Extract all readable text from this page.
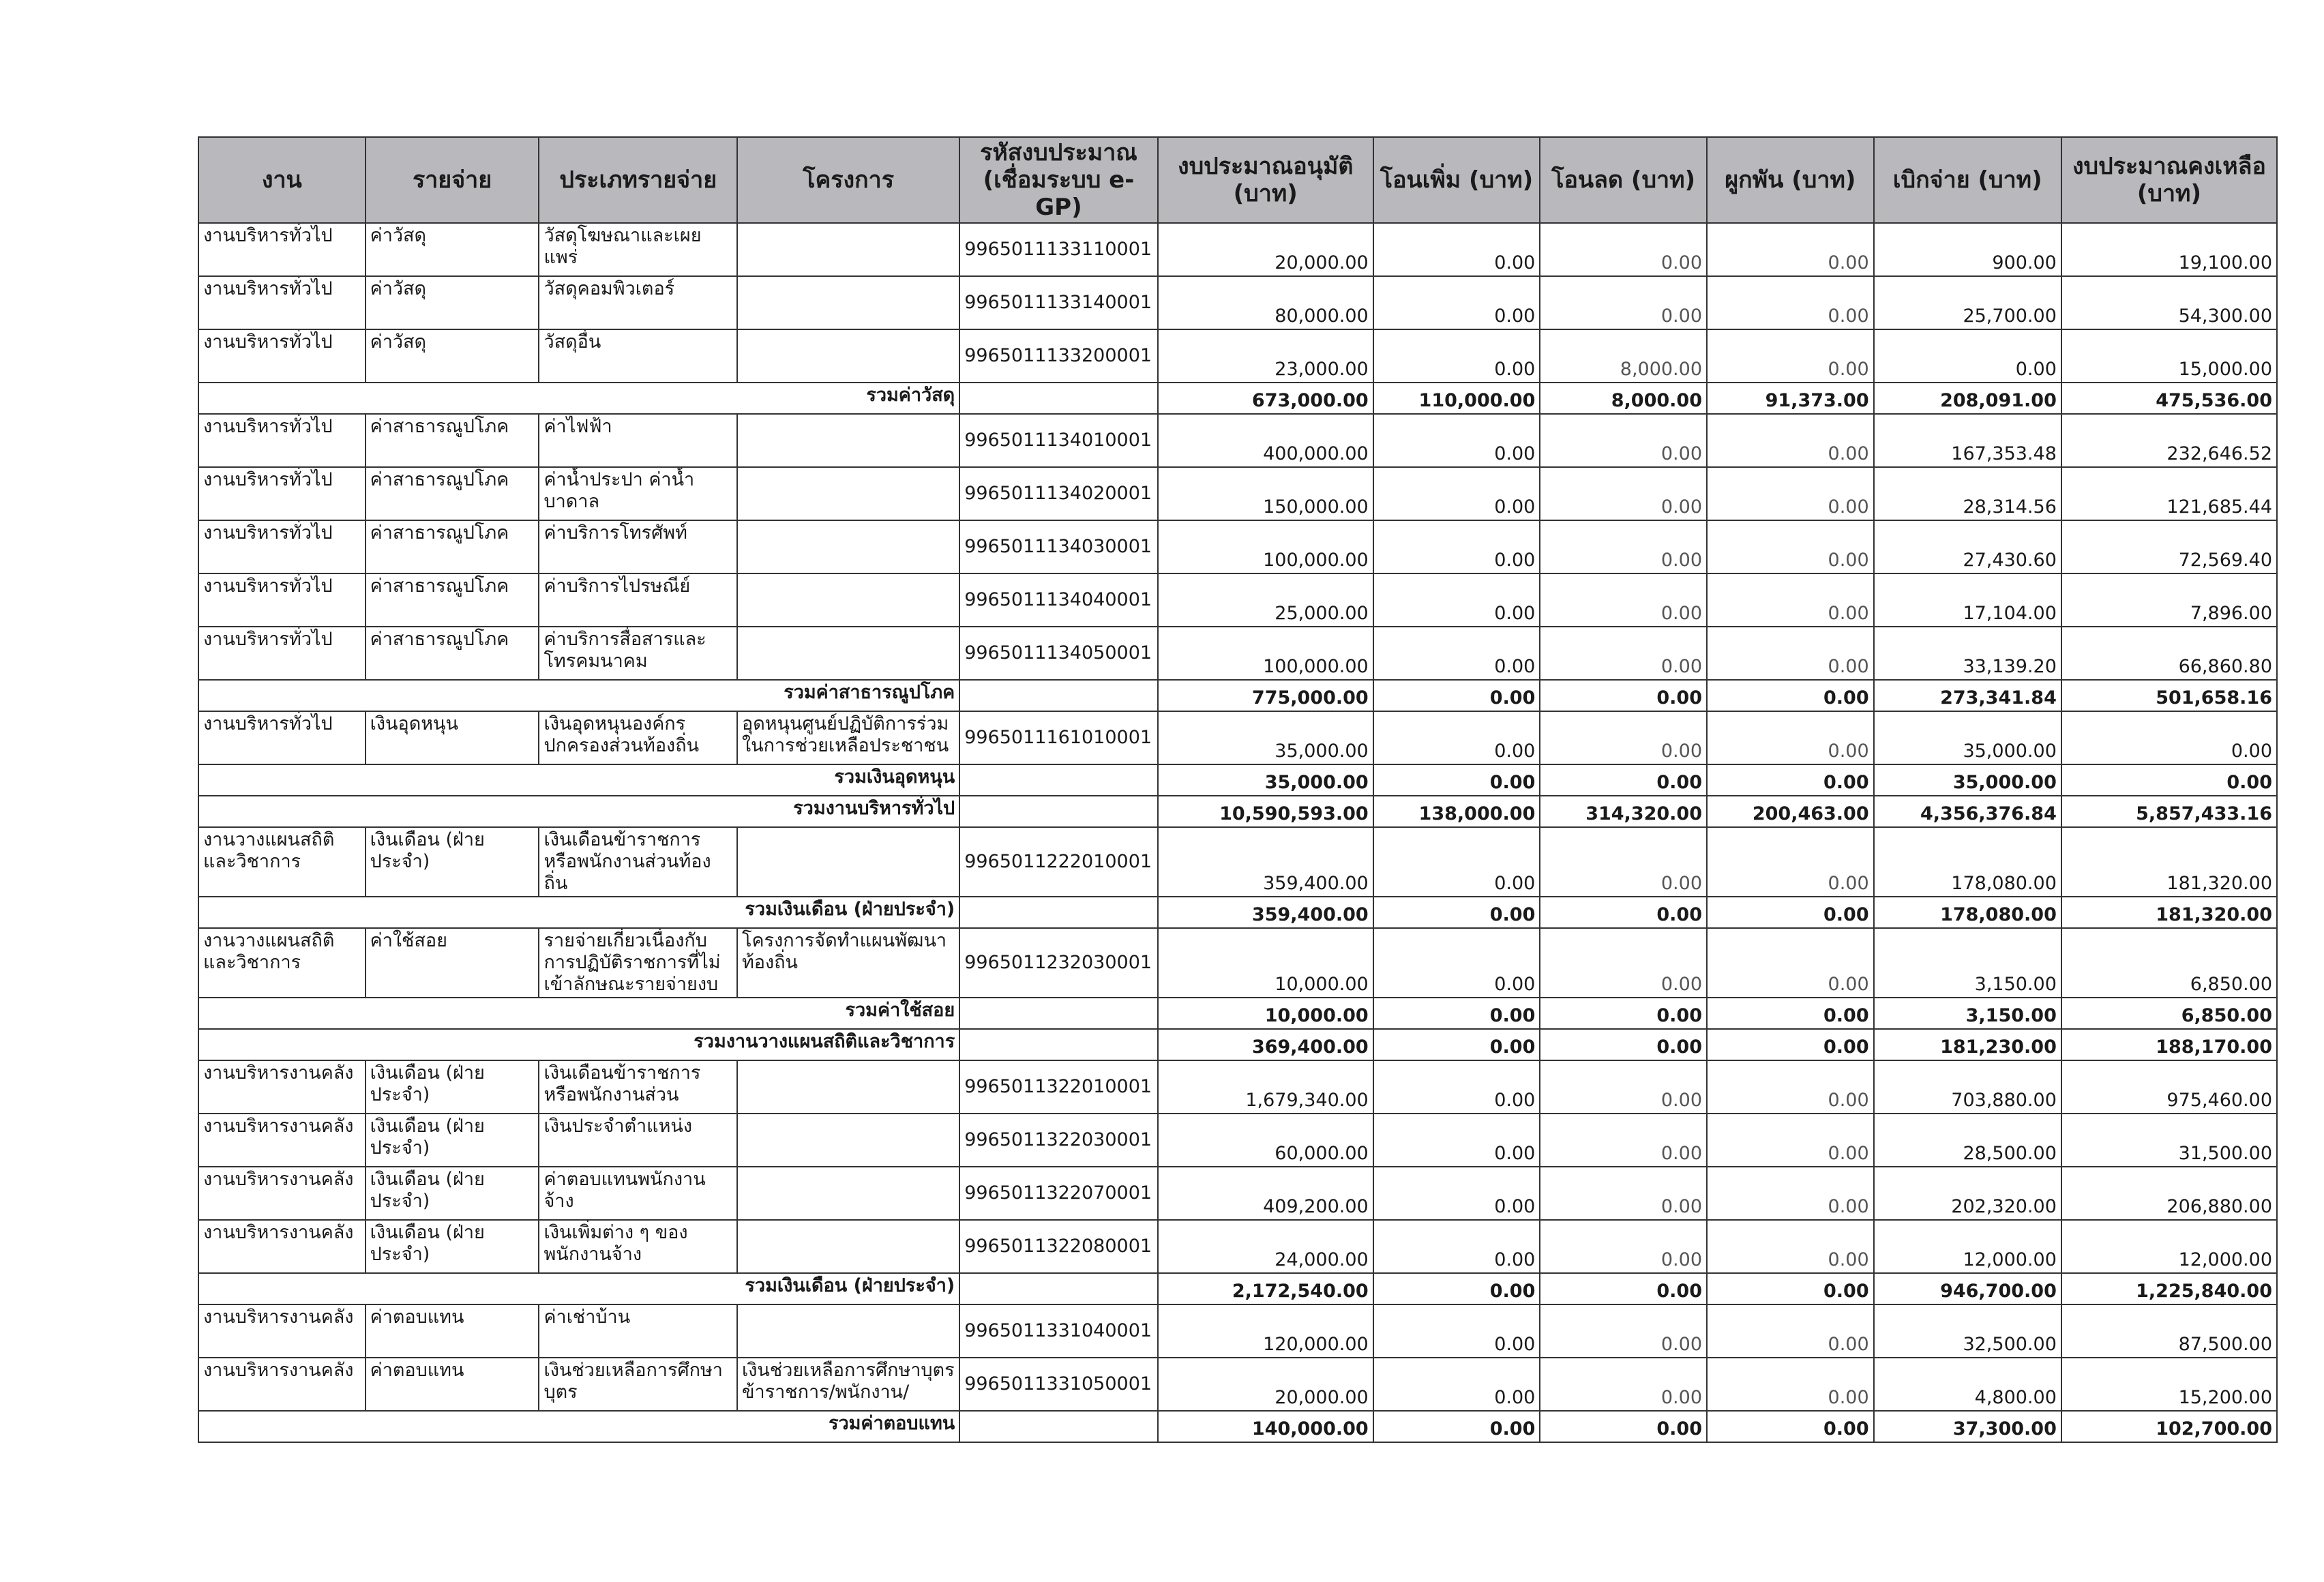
งาน	รายจ่าย	ประเภทรายจ่าย	โครงการ	รหัสงบประมาณ (เชื่อมระบบ e-GP)	งบประมาณอนุมัติ (บาท)	โอนเพิ่ม (บาท)	โอนลด (บาท)	ผูกพัน (บาท)	เบิกจ่าย (บาท)	งบประมาณคงเหลือ (บาท)
งานบริหารทั่วไป	ค่าวัสดุ	วัสดุโฆษณาและเผยแพร่		9965011133110001	20,000.00	0.00	0.00	0.00	900.00	19,100.00
งานบริหารทั่วไป	ค่าวัสดุ	วัสดุคอมพิวเตอร์		9965011133140001	80,000.00	0.00	0.00	0.00	25,700.00	54,300.00
งานบริหารทั่วไป	ค่าวัสดุ	วัสดุอื่น		9965011133200001	23,000.00	0.00	8,000.00	0.00	0.00	15,000.00
รวมค่าวัสดุ					673,000.00	110,000.00	8,000.00	91,373.00	208,091.00	475,536.00
งานบริหารทั่วไป	ค่าสาธารณูปโภค	ค่าไฟฟ้า		9965011134010001	400,000.00	0.00	0.00	0.00	167,353.48	232,646.52
งานบริหารทั่วไป	ค่าสาธารณูปโภค	ค่าน้ำประปา ค่าน้ำบาดาล		9965011134020001	150,000.00	0.00	0.00	0.00	28,314.56	121,685.44
งานบริหารทั่วไป	ค่าสาธารณูปโภค	ค่าบริการโทรศัพท์		9965011134030001	100,000.00	0.00	0.00	0.00	27,430.60	72,569.40
งานบริหารทั่วไป	ค่าสาธารณูปโภค	ค่าบริการไปรษณีย์		9965011134040001	25,000.00	0.00	0.00	0.00	17,104.00	7,896.00
งานบริหารทั่วไป	ค่าสาธารณูปโภค	ค่าบริการสื่อสารและโทรคมนาคม		9965011134050001	100,000.00	0.00	0.00	0.00	33,139.20	66,860.80
รวมค่าสาธารณูปโภค					775,000.00	0.00	0.00	0.00	273,341.84	501,658.16
งานบริหารทั่วไป	เงินอุดหนุน	เงินอุดหนุนองค์กรปกครองส่วนท้องถิ่น	อุดหนุนศูนย์ปฏิบัติการร่วมในการช่วยเหลือประชาชน	9965011161010001	35,000.00	0.00	0.00	0.00	35,000.00	0.00
รวมเงินอุดหนุน					35,000.00	0.00	0.00	0.00	35,000.00	0.00
รวมงานบริหารทั่วไป					10,590,593.00	138,000.00	314,320.00	200,463.00	4,356,376.84	5,857,433.16
งานวางแผนสถิติและวิชาการ	เงินเดือน (ฝ่ายประจำ)	เงินเดือนข้าราชการหรือพนักงานส่วนท้องถิ่น		9965011222010001	359,400.00	0.00	0.00	0.00	178,080.00	181,320.00
รวมเงินเดือน (ฝ่ายประจำ)					359,400.00	0.00	0.00	0.00	178,080.00	181,320.00
งานวางแผนสถิติและวิชาการ	ค่าใช้สอย	รายจ่ายเกี่ยวเนื่องกับการปฏิบัติราชการที่ไม่เข้าลักษณะรายจ่ายงบ	โครงการจัดทำแผนพัฒนาท้องถิ่น	9965011232030001	10,000.00	0.00	0.00	0.00	3,150.00	6,850.00
รวมค่าใช้สอย					10,000.00	0.00	0.00	0.00	3,150.00	6,850.00
รวมงานวางแผนสถิติและวิชาการ					369,400.00	0.00	0.00	0.00	181,230.00	188,170.00
งานบริหารงานคลัง	เงินเดือน (ฝ่ายประจำ)	เงินเดือนข้าราชการหรือพนักงานส่วน		9965011322010001	1,679,340.00	0.00	0.00	0.00	703,880.00	975,460.00
งานบริหารงานคลัง	เงินเดือน (ฝ่ายประจำ)	เงินประจำตำแหน่ง		9965011322030001	60,000.00	0.00	0.00	0.00	28,500.00	31,500.00
งานบริหารงานคลัง	เงินเดือน (ฝ่ายประจำ)	ค่าตอบแทนพนักงานจ้าง		9965011322070001	409,200.00	0.00	0.00	0.00	202,320.00	206,880.00
งานบริหารงานคลัง	เงินเดือน (ฝ่ายประจำ)	เงินเพิ่มต่าง ๆ ของพนักงานจ้าง		9965011322080001	24,000.00	0.00	0.00	0.00	12,000.00	12,000.00
รวมเงินเดือน (ฝ่ายประจำ)					2,172,540.00	0.00	0.00	0.00	946,700.00	1,225,840.00
งานบริหารงานคลัง	ค่าตอบแทน	ค่าเช่าบ้าน		9965011331040001	120,000.00	0.00	0.00	0.00	32,500.00	87,500.00
งานบริหารงานคลัง	ค่าตอบแทน	เงินช่วยเหลือการศึกษาบุตร	เงินช่วยเหลือการศึกษาบุตรข้าราชการ/พนักงาน/	9965011331050001	20,000.00	0.00	0.00	0.00	4,800.00	15,200.00
รวมค่าตอบแทน					140,000.00	0.00	0.00	0.00	37,300.00	102,700.00
